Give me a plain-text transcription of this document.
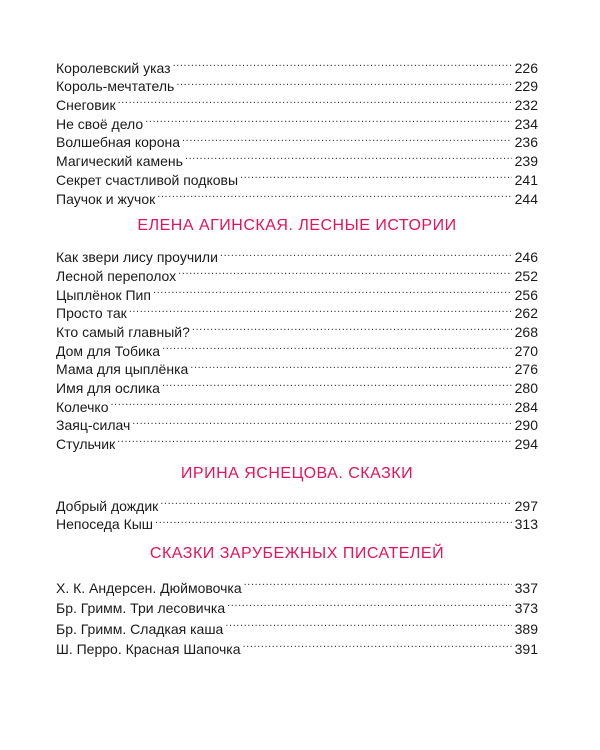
Королевский указ .....	226
Король-мечтатель .....	229
Снеговик .....	232
Не своё дело .....	234
Волшебная корона .....	236
Магический камень .....	239
Секрет счастливой подковы .....	241
Паучок и жучок .....	244
ЕЛЕНА АГИНСКАЯ. ЛЕСНЫЕ ИСТОРИИ
Как звери лису проучили .....	246
Лесной переполох .....	252
Цыплёнок Пип .....	256
Просто так .....	262
Кто самый главный? .....	268
Дом для Тобика .....	270
Мама для цыплёнка .....	276
Имя для ослика .....	280
Колечко .....	284
Заяц-силач .....	290
Стульчик .....	294
ИРИНА ЯСНЕЦОВА. СКАЗКИ
Добрый дождик .....	297
Непоседа Кыш .....	313
СКАЗКИ ЗАРУБЕЖНЫХ ПИСАТЕЛЕЙ
Х. К. Андерсен. Дюймовочка .....	337
Бр. Гримм. Три лесовичка .....	373
Бр. Гримм. Сладкая каша .....	389
Ш. Перро. Красная Шапочка .....	391
